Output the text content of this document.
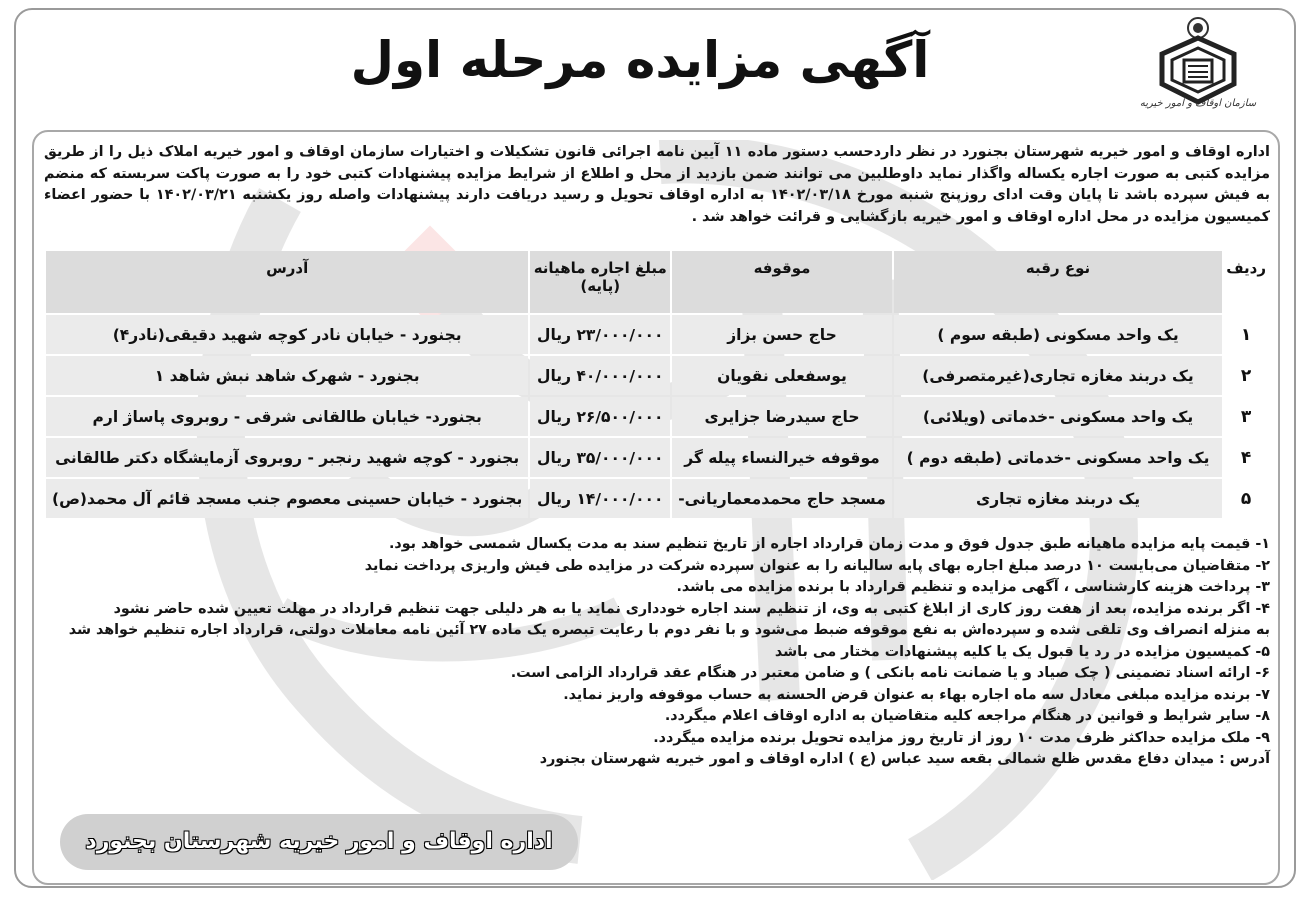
آگهی مزایده مرحله اول
سازمان اوقاف و امور خیریه
اداره اوقاف و امور خیریه شهرستان بجنورد در نظر داردحسب دستور ماده ۱۱ آیین نامه اجرائی قانون تشکیلات و اختیارات سازمان اوقاف و امور خیریه املاک ذیل را از طریق مزایده کتبی به صورت اجاره یکساله واگذار نماید داوطلبین می توانند ضمن بازدید از محل و اطلاع از شرایط مزایده پیشنهادات کتبی خود را به صورت پاکت سربسته که منضم به فیش سپرده باشد تا پایان وقت ادای روزپنج شنبه مورخ ۱۴۰۲/۰۳/۱۸ به اداره اوقاف تحویل و رسید دریافت دارند پیشنهادات واصله روز یکشنبه ۱۴۰۲/۰۳/۲۱ با حضور اعضاء کمیسیون مزایده در محل اداره اوقاف و امور خیریه بازگشایی و قرائت خواهد شد .
ردیف	نوع رقبه	موقوفه	مبلغ اجاره ماهیانه (پایه)	آدرس
۱	یک واحد مسکونی (طبقه سوم )	حاج حسن بزاز	۲۳/۰۰۰/۰۰۰ ریال	بجنورد - خیابان نادر کوچه شهید دقیقی(نادر۴)
۲	یک دربند مغازه تجاری(غیرمتصرفی)	یوسفعلی نقویان	۴۰/۰۰۰/۰۰۰ ریال	بجنورد - شهرک شاهد نبش شاهد ۱
۳	یک واحد مسکونی -خدماتی (ویلائی)	حاج سیدرضا جزایری	۲۶/۵۰۰/۰۰۰ ریال	بجنورد- خیابان طالقانی شرقی - روبروی پاساژ ارم
۴	یک واحد مسکونی -خدماتی (طبقه دوم )	موقوفه خیرالنساء پیله گر	۳۵/۰۰۰/۰۰۰ ریال	بجنورد - کوچه شهید رنجبر - روبروی آزمایشگاه دکتر طالقانی
۵	یک دربند مغازه تجاری	مسجد حاج محمدمعماریانی-	۱۴/۰۰۰/۰۰۰ ریال	بجنورد - خیابان حسینی معصوم جنب مسجد قائم آل محمد(ص)
۱- قیمت پایه مزایده ماهیانه طبق جدول فوق و مدت زمان قرارداد اجاره از تاریخ تنظیم سند به مدت یکسال شمسی خواهد بود.
۲- متقاضیان می‌بایست ۱۰ درصد مبلغ اجاره بهای پایه سالیانه را به عنوان سپرده شرکت در مزایده طی فیش واریزی پرداخت نماید
۳- پرداخت هزینه کارشناسی ، آگهی مزایده و تنظیم قرارداد با برنده مزایده می باشد.
۴- اگر برنده مزایده، بعد از هفت روز کاری از ابلاغ کتبی به وی، از تنظیم سند اجاره خودداری نماید یا به هر دلیلی جهت تنظیم قرارداد در مهلت تعیین شده حاضر نشود
به منزله انصراف وی تلقی شده و سپرده‌اش به نفع موقوفه ضبط می‌شود و با نفر دوم با رعایت تبصره یک ماده ۲۷ آئین نامه معاملات دولتی، قرارداد اجاره تنظیم خواهد شد
۵- کمیسیون مزایده در رد یا قبول یک یا کلیه پیشنهادات مختار می باشد
۶- ارائه اسناد تضمینی ( چک صیاد و یا ضمانت نامه بانکی ) و ضامن معتبر در هنگام عقد قرارداد الزامی است.
۷- برنده مزایده مبلغی معادل سه ماه اجاره بهاء به عنوان قرض الحسنه به حساب موقوفه واریز نماید.
۸- سایر شرایط و قوانین در هنگام مراجعه کلیه متقاضیان به اداره اوقاف اعلام میگردد.
۹- ملک مزایده حداکثر ظرف مدت ۱۰ روز از تاریخ روز مزایده تحویل برنده مزایده میگردد.
آدرس : میدان دفاع مقدس ظلع شمالی بقعه سید عباس (ع ) اداره اوقاف و امور خیریه شهرستان بجنورد
اداره اوقاف و امور خیریه شهرستان بجنورد
